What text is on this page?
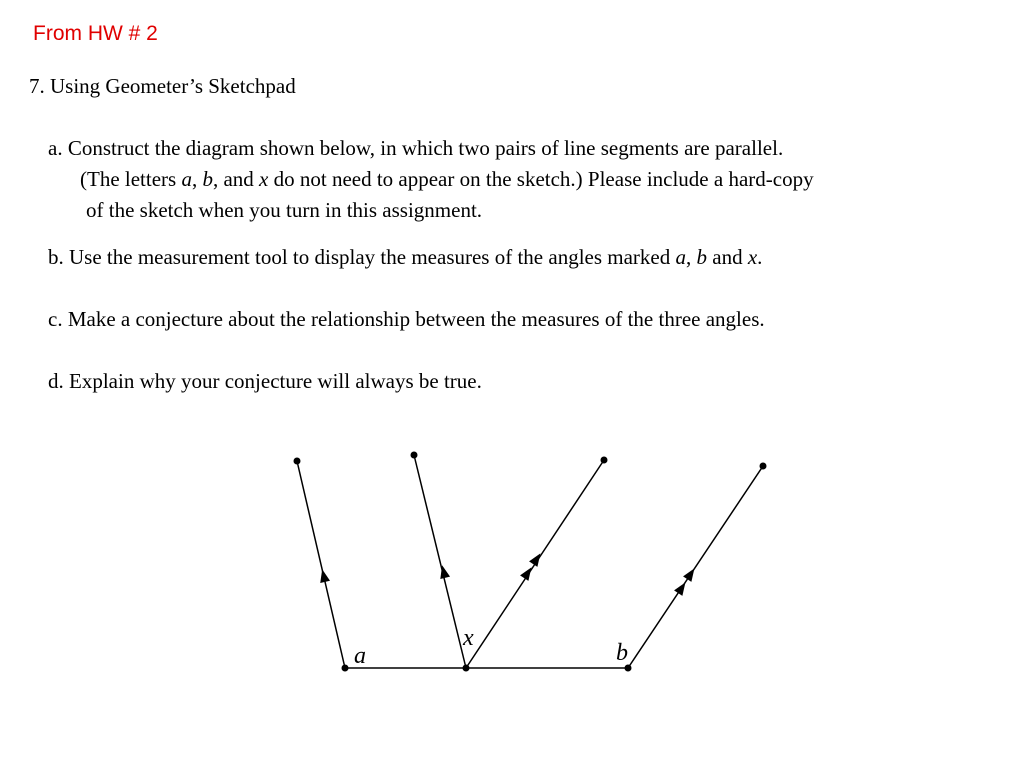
From HW # 2
7. Using Geometer’s Sketchpad
a. Construct the diagram shown below, in which two pairs of line segments are parallel.
(The letters a, b, and x do not need to appear on the sketch.) Please include a hard-copy
of the sketch when you turn in this assignment.
b. Use the measurement tool to display the measures of the angles marked a, b and x.
c. Make a conjecture about the relationship between the measures of the three angles.
d. Explain why your conjecture will always be true.
a
x
b
